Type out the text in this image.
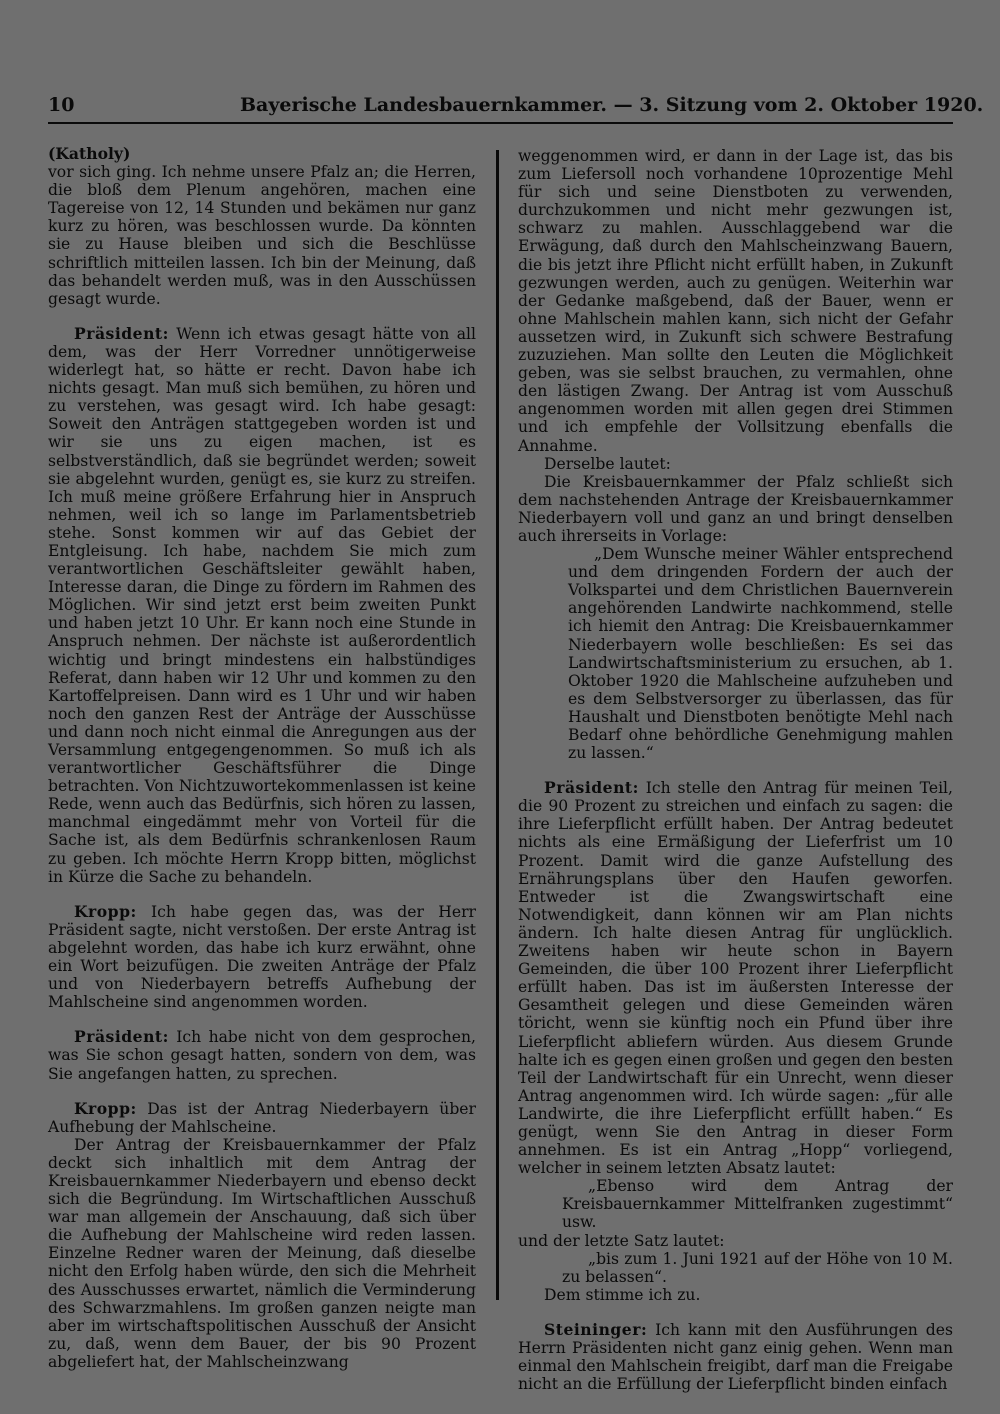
10	Bayerische Landesbauernkammer. — 3. Sitzung vom 2. Oktober 1920.

(Katholy)

vor sich ging. Ich nehme unsere Pfalz an; die Herren, die bloß dem Plenum angehören, machen eine Tagereise von 12, 14 Stunden und bekämen nur ganz kurz zu hören, was beschlossen wurde. Da könnten sie zu Hause bleiben und sich die Beschlüsse schriftlich mitteilen lassen. Ich bin der Meinung, daß das behandelt werden muß, was in den Ausschüssen gesagt wurde.

Präsident: Wenn ich etwas gesagt hätte von all dem, was der Herr Vorredner unnötigerweise widerlegt hat, so hätte er recht. Davon habe ich nichts gesagt. Man muß sich bemühen, zu hören und zu verstehen, was gesagt wird. Ich habe gesagt: Soweit den Anträgen stattgegeben worden ist und wir sie uns zu eigen machen, ist es selbstverständlich, daß sie begründet werden; soweit sie abgelehnt wurden, genügt es, sie kurz zu streifen. Ich muß meine größere Erfahrung hier in Anspruch nehmen, weil ich so lange im Parlamentsbetrieb stehe. Sonst kommen wir auf das Gebiet der Entgleisung. Ich habe, nachdem Sie mich zum verantwortlichen Geschäftsleiter gewählt haben, Interesse daran, die Dinge zu fördern im Rahmen des Möglichen. Wir sind jetzt erst beim zweiten Punkt und haben jetzt 10 Uhr. Er kann noch eine Stunde in Anspruch nehmen. Der nächste ist außerordentlich wichtig und bringt mindestens ein halbstündiges Referat, dann haben wir 12 Uhr und kommen zu den Kartoffelpreisen. Dann wird es 1 Uhr und wir haben noch den ganzen Rest der Anträge der Ausschüsse und dann noch nicht einmal die Anregungen aus der Versammlung entgegengenommen. So muß ich als verantwortlicher Geschäftsführer die Dinge betrachten. Von Nichtzuwortekommenlassen ist keine Rede, wenn auch das Bedürfnis, sich hören zu lassen, manchmal eingedämmt mehr von Vorteil für die Sache ist, als dem Bedürfnis schrankenlosen Raum zu geben. Ich möchte Herrn Kropp bitten, möglichst in Kürze die Sache zu behandeln.

Kropp: Ich habe gegen das, was der Herr Präsident sagte, nicht verstoßen. Der erste Antrag ist abgelehnt worden, das habe ich kurz erwähnt, ohne ein Wort beizufügen. Die zweiten Anträge der Pfalz und von Niederbayern betreffs Aufhebung der Mahlscheine sind angenommen worden.

Präsident: Ich habe nicht von dem gesprochen, was Sie schon gesagt hatten, sondern von dem, was Sie angefangen hatten, zu sprechen.

Kropp: Das ist der Antrag Niederbayern über Aufhebung der Mahlscheine.

Der Antrag der Kreisbauernkammer der Pfalz deckt sich inhaltlich mit dem Antrag der Kreisbauernkammer Niederbayern und ebenso deckt sich die Begründung. Im Wirtschaftlichen Ausschuß war man allgemein der Anschauung, daß sich über die Aufhebung der Mahlscheine wird reden lassen. Einzelne Redner waren der Meinung, daß dieselbe nicht den Erfolg haben würde, den sich die Mehrheit des Ausschusses erwartet, nämlich die Verminderung des Schwarzmahlens. Im großen ganzen neigte man aber im wirtschaftspolitischen Ausschuß der Ansicht zu, daß, wenn dem Bauer, der bis 90 Prozent abgeliefert hat, der Mahlscheinzwang

weggenommen wird, er dann in der Lage ist, das bis zum Liefersoll noch vorhandene 10prozentige Mehl für sich und seine Dienstboten zu verwenden, durchzukommen und nicht mehr gezwungen ist, schwarz zu mahlen. Ausschlaggebend war die Erwägung, daß durch den Mahlscheinzwang Bauern, die bis jetzt ihre Pflicht nicht erfüllt haben, in Zukunft gezwungen werden, auch zu genügen. Weiterhin war der Gedanke maßgebend, daß der Bauer, wenn er ohne Mahlschein mahlen kann, sich nicht der Gefahr aussetzen wird, in Zukunft sich schwere Bestrafung zuzuziehen. Man sollte den Leuten die Möglichkeit geben, was sie selbst brauchen, zu vermahlen, ohne den lästigen Zwang. Der Antrag ist vom Ausschuß angenommen worden mit allen gegen drei Stimmen und ich empfehle der Vollsitzung ebenfalls die Annahme.

Derselbe lautet:

Die Kreisbauernkammer der Pfalz schließt sich dem nachstehenden Antrage der Kreisbauernkammer Niederbayern voll und ganz an und bringt denselben auch ihrerseits in Vorlage:

„Dem Wunsche meiner Wähler entsprechend und dem dringenden Fordern der auch der Volkspartei und dem Christlichen Bauernverein angehörenden Landwirte nachkommend, stelle ich hiemit den Antrag: Die Kreisbauernkammer Niederbayern wolle beschließen: Es sei das Landwirtschaftsministerium zu ersuchen, ab 1. Oktober 1920 die Mahlscheine aufzuheben und es dem Selbstversorger zu überlassen, das für Haushalt und Dienstboten benötigte Mehl nach Bedarf ohne behördliche Genehmigung mahlen zu lassen.“

Präsident: Ich stelle den Antrag für meinen Teil, die 90 Prozent zu streichen und einfach zu sagen: die ihre Lieferpflicht erfüllt haben. Der Antrag bedeutet nichts als eine Ermäßigung der Lieferfrist um 10 Prozent. Damit wird die ganze Aufstellung des Ernährungsplans über den Haufen geworfen. Entweder ist die Zwangswirtschaft eine Notwendigkeit, dann können wir am Plan nichts ändern. Ich halte diesen Antrag für unglücklich. Zweitens haben wir heute schon in Bayern Gemeinden, die über 100 Prozent ihrer Lieferpflicht erfüllt haben. Das ist im äußersten Interesse der Gesamtheit gelegen und diese Gemeinden wären töricht, wenn sie künftig noch ein Pfund über ihre Lieferpflicht abliefern würden. Aus diesem Grunde halte ich es gegen einen großen und gegen den besten Teil der Landwirtschaft für ein Unrecht, wenn dieser Antrag angenommen wird. Ich würde sagen: „für alle Landwirte, die ihre Lieferpflicht erfüllt haben.“ Es genügt, wenn Sie den Antrag in dieser Form annehmen. Es ist ein Antrag „Hopp“ vorliegend, welcher in seinem letzten Absatz lautet:

„Ebenso wird dem Antrag der Kreisbauernkammer Mittelfranken zugestimmt“ usw.

und der letzte Satz lautet:

„bis zum 1. Juni 1921 auf der Höhe von 10 M. zu belassen“.

Dem stimme ich zu.

Steininger: Ich kann mit den Ausführungen des Herrn Präsidenten nicht ganz einig gehen. Wenn man einmal den Mahlschein freigibt, darf man die Freigabe nicht an die Erfüllung der Lieferpflicht binden einfach
